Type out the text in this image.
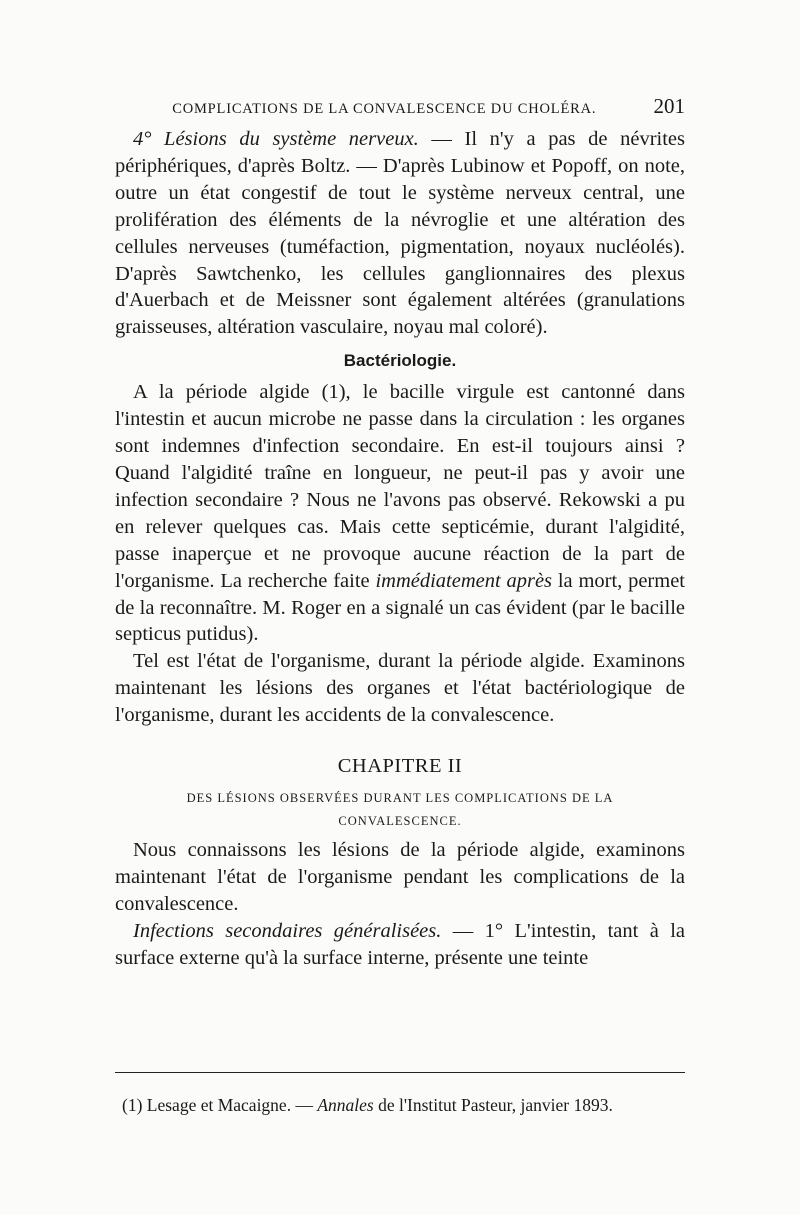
COMPLICATIONS DE LA CONVALESCENCE DU CHOLÉRA.	201

4° Lésions du système nerveux. — Il n'y a pas de névrites périphériques, d'après Boltz. — D'après Lubinow et Popoff, on note, outre un état congestif de tout le système nerveux central, une prolifération des éléments de la névroglie et une altération des cellules nerveuses (tuméfaction, pigmentation, noyaux nucléolés). D'après Sawtchenko, les cellules ganglionnaires des plexus d'Auerbach et de Meissner sont également altérées (granulations graisseuses, altération vasculaire, noyau mal coloré).

Bactériologie.

A la période algide (1), le bacille virgule est cantonné dans l'intestin et aucun microbe ne passe dans la circulation : les organes sont indemnes d'infection secondaire. En est-il toujours ainsi ? Quand l'algidité traîne en longueur, ne peut-il pas y avoir une infection secondaire ? Nous ne l'avons pas observé. Rekowski a pu en relever quelques cas. Mais cette septicémie, durant l'algidité, passe inaperçue et ne provoque aucune réaction de la part de l'organisme. La recherche faite immédiatement après la mort, permet de la reconnaître. M. Roger en a signalé un cas évident (par le bacille septicus putidus).

Tel est l'état de l'organisme, durant la période algide. Examinons maintenant les lésions des organes et l'état bactériologique de l'organisme, durant les accidents de la convalescence.

CHAPITRE II
DES LÉSIONS OBSERVÉES DURANT LES COMPLICATIONS DE LA
CONVALESCENCE.

Nous connaissons les lésions de la période algide, examinons maintenant l'état de l'organisme pendant les complications de la convalescence.

Infections secondaires généralisées. — 1° L'intestin, tant à la surface externe qu'à la surface interne, présente une teinte

(1) Lesage et Macaigne. — Annales de l'Institut Pasteur, janvier 1893.
